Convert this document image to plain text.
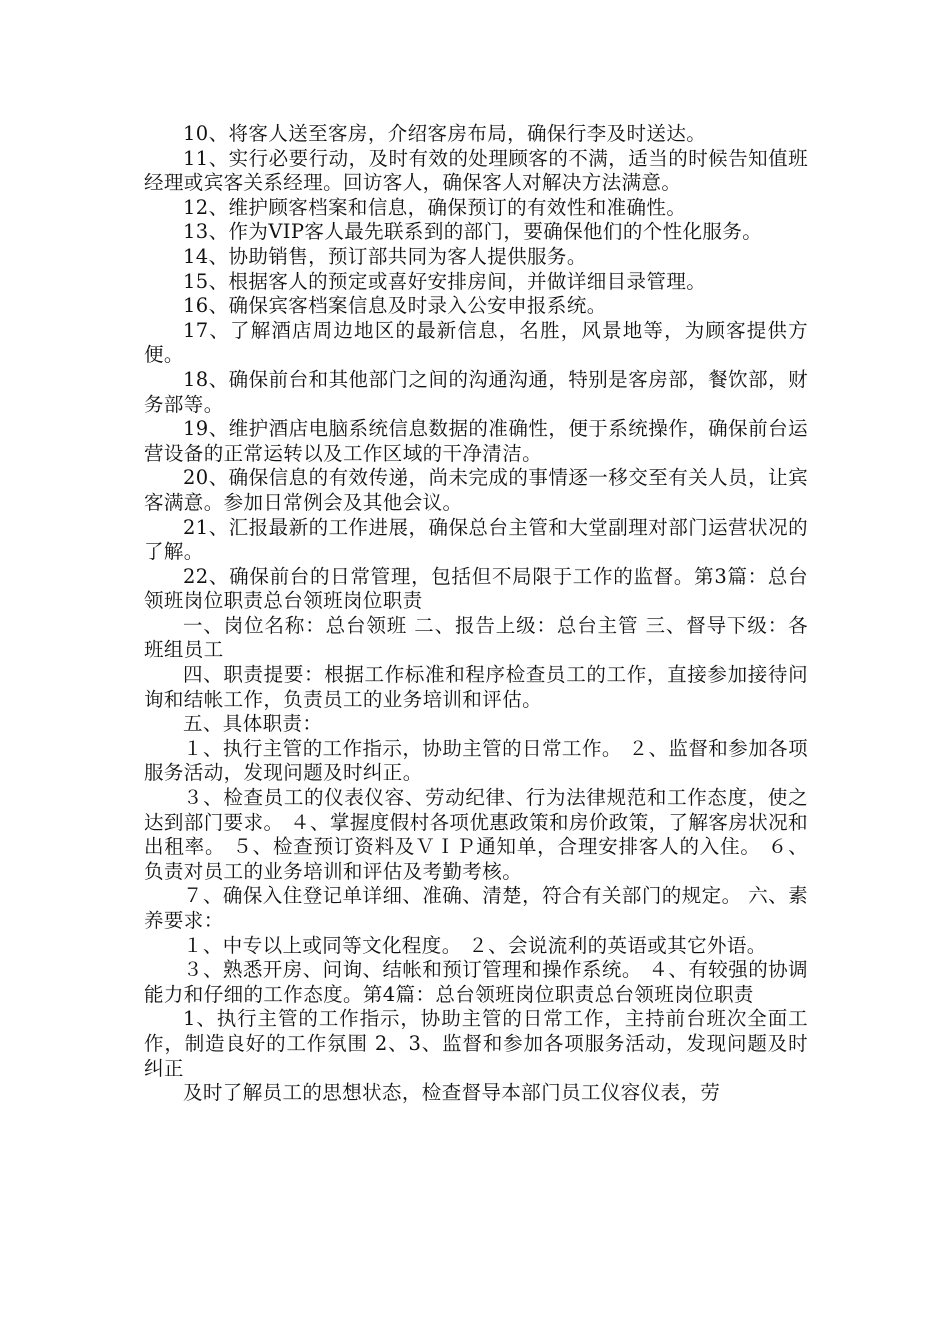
10、将客人送至客房，介绍客房布局，确保行李及时送达。

11、实行必要行动，及时有效的处理顾客的不满，适当的时候告知值班经理或宾客关系经理。回访客人，确保客人对解决方法满意。

12、维护顾客档案和信息，确保预订的有效性和准确性。

13、作为VIP客人最先联系到的部门，要确保他们的个性化服务。

14、协助销售，预订部共同为客人提供服务。

15、根据客人的预定或喜好安排房间，并做详细目录管理。

16、确保宾客档案信息及时录入公安申报系统。

17、了解酒店周边地区的最新信息，名胜，风景地等，为顾客提供方便。

18、确保前台和其他部门之间的沟通沟通，特别是客房部，餐饮部，财务部等。

19、维护酒店电脑系统信息数据的准确性，便于系统操作，确保前台运营设备的正常运转以及工作区域的干净清洁。

20、确保信息的有效传递，尚未完成的事情逐一移交至有关人员，让宾客满意。参加日常例会及其他会议。

21、汇报最新的工作进展，确保总台主管和大堂副理对部门运营状况的了解。

22、确保前台的日常管理，包括但不局限于工作的监督。第3篇：总台领班岗位职责总台领班岗位职责

一、岗位名称：总台领班 二、报告上级：总台主管 三、督导下级：各班组员工

四、职责提要：根据工作标准和程序检查员工的工作，直接参加接待问询和结帐工作，负责员工的业务培训和评估。

五、具体职责：

１、执行主管的工作指示，协助主管的日常工作。 ２、监督和参加各项服务活动，发现问题及时纠正。

３、检查员工的仪表仪容、劳动纪律、行为法律规范和工作态度，使之达到部门要求。 ４、掌握度假村各项优惠政策和房价政策，了解客房状况和出租率。 ５、检查预订资料及ＶＩＰ通知单，合理安排客人的入住。 ６、负责对员工的业务培训和评估及考勤考核。

７、确保入住登记单详细、准确、清楚，符合有关部门的规定。 六、素养要求：

１、中专以上或同等文化程度。 ２、会说流利的英语或其它外语。

３、熟悉开房、问询、结帐和预订管理和操作系统。 ４、有较强的协调能力和仔细的工作态度。第4篇：总台领班岗位职责总台领班岗位职责

1、执行主管的工作指示，协助主管的日常工作，主持前台班次全面工作，制造良好的工作氛围 2、3、监督和参加各项服务活动，发现问题及时纠正

及时了解员工的思想状态，检查督导本部门员工仪容仪表，劳
